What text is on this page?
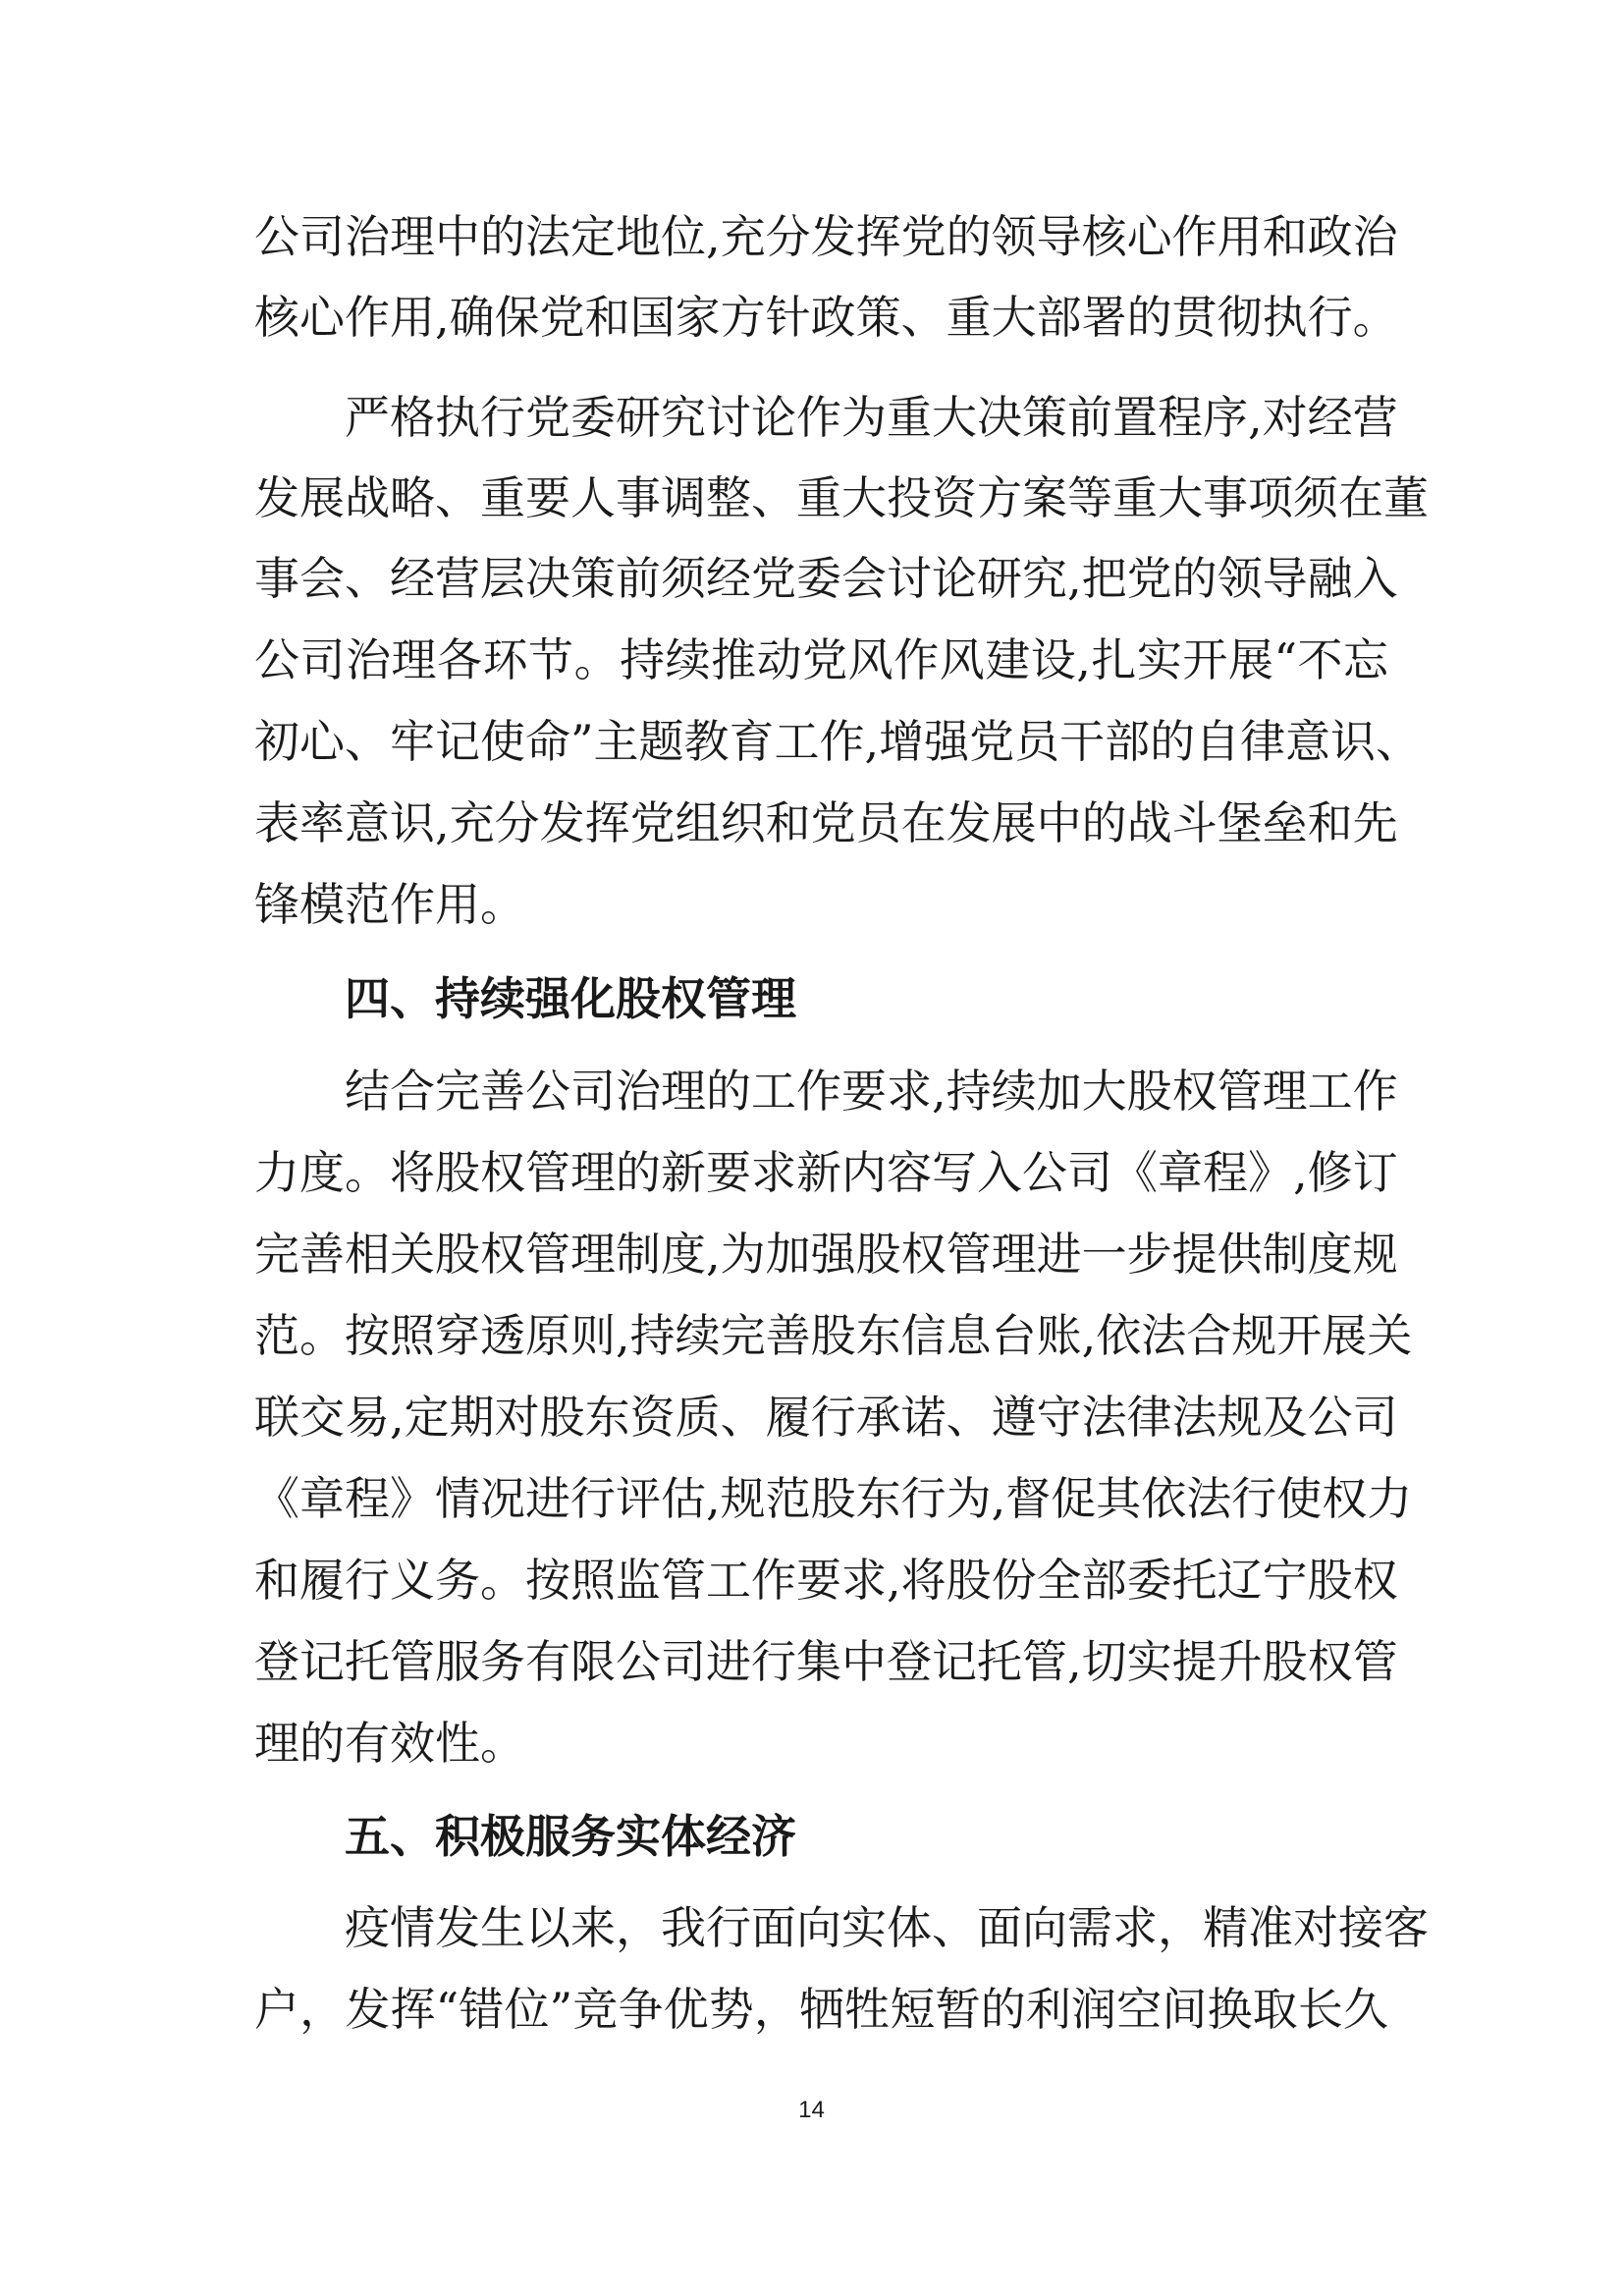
公司治理中的法定地位,充分发挥党的领导核心作用和政治
核心作用,确保党和国家方针政策、重大部署的贯彻执行。
严格执行党委研究讨论作为重大决策前置程序,对经营
发展战略、重要人事调整、重大投资方案等重大事项须在董
事会、经营层决策前须经党委会讨论研究,把党的领导融入
公司治理各环节。持续推动党风作风建设,扎实开展“不忘
初心、牢记使命”主题教育工作,增强党员干部的自律意识、
表率意识,充分发挥党组织和党员在发展中的战斗堡垒和先
锋模范作用。
四、持续强化股权管理
结合完善公司治理的工作要求,持续加大股权管理工作
力度。将股权管理的新要求新内容写入公司《章程》,修订
完善相关股权管理制度,为加强股权管理进一步提供制度规
范。按照穿透原则,持续完善股东信息台账,依法合规开展关
联交易,定期对股东资质、履行承诺、遵守法律法规及公司
《章程》情况进行评估,规范股东行为,督促其依法行使权力
和履行义务。按照监管工作要求,将股份全部委托辽宁股权
登记托管服务有限公司进行集中登记托管,切实提升股权管
理的有效性。
五、积极服务实体经济
疫情发生以来，我行面向实体、面向需求，精准对接客
户，发挥“错位”竞争优势，牺牲短暂的利润空间换取长久
14
